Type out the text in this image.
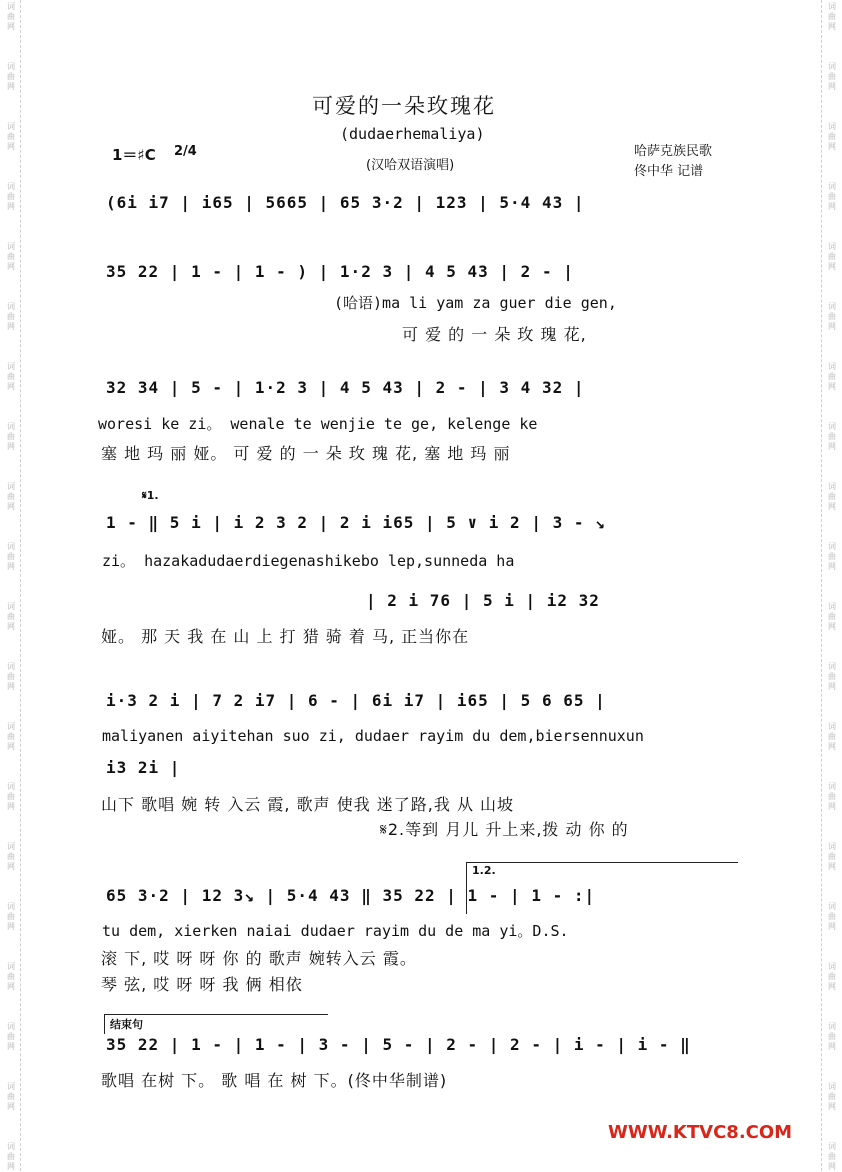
词
曲
网
词
曲
网
词
曲
网
词
曲
网
词
曲
网
词
曲
网
词
曲
网
词
曲
网
词
曲
网
词
曲
网
词
曲
网
词
曲
网
词
曲
网
词
曲
网
词
曲
网
词
曲
网
词
曲
网
词
曲
网
词
曲
网
词
曲
网
词
曲
网
词
曲
网
词
曲
网
词
曲
网
词
曲
网
词
曲
网
词
曲
网
词
曲
网
词
曲
网
词
曲
网
词
曲
网
词
曲
网
词
曲
网
词
曲
网
词
曲
网
词
曲
网
词
曲
网
词
曲
网
词
曲
网
词
曲
网
可爱的一朵玫瑰花
(dudaerhemaliya)
(汉哈双语演唱)
1＝♯C 2/4	哈萨克族民歌
佟中华 记谱
(6i i7 | i65 | 5665 | 65 3·2 | 123 | 5·4 43 |
35 22 | 1 - | 1 - ) | 1·2 3 | 4 5 43 | 2 - |
(哈语)ma li yam za guer die gen,
可 爱 的 一 朵 玫 瑰 花,
32 34 | 5 - | 1·2 3 | 4 5 43 | 2 - | 3 4 32 |
woresi ke zi。 wenale te wenjie te ge, kelenge ke
塞 地 玛 丽 娅。 可 爱 的 一 朵 玫 瑰 花, 塞 地 玛 丽
𝄋1.
1 - ‖ 5 i | i 2 3 2 | 2 i i65 | 5 ∨ i 2 | 3 - ↘
zi。 hazakadudaerdiegenashikebo lep,sunneda ha
| 2 i 76 | 5 i | i2 32
娅。 那 天 我 在 山 上 打 猎 骑 着 马, 正当你在
i·3 2 i | 7 2 i7 | 6 - | 6i i7 | i65 | 5 6 65 |
maliyanen aiyitehan suo zi, dudaer rayim du dem,biersennuxun
i3 2i |
山下 歌唱 婉 转 入云 霞, 歌声 使我 迷了路,我 从 山坡
𝄋2.等到 月儿 升上来,拨 动 你 的
1.2.
65 3·2 | 12 3↘ | 5·4 43 ‖ 35 22 | 1 - | 1 - :|
tu dem, xierken naiai dudaer rayim du de ma yi。D.S.
滚 下, 哎 呀 呀 你 的 歌声 婉转入云 霞。
琴 弦, 哎 呀 呀 我 俩 相依
结束句
35 22 | 1 - | 1 - | 3 - | 5 - | 2 - | 2 - | i - | i - ‖
歌唱 在树 下。 歌 唱 在 树 下。(佟中华制谱)
WWW.KTVC8.COM
